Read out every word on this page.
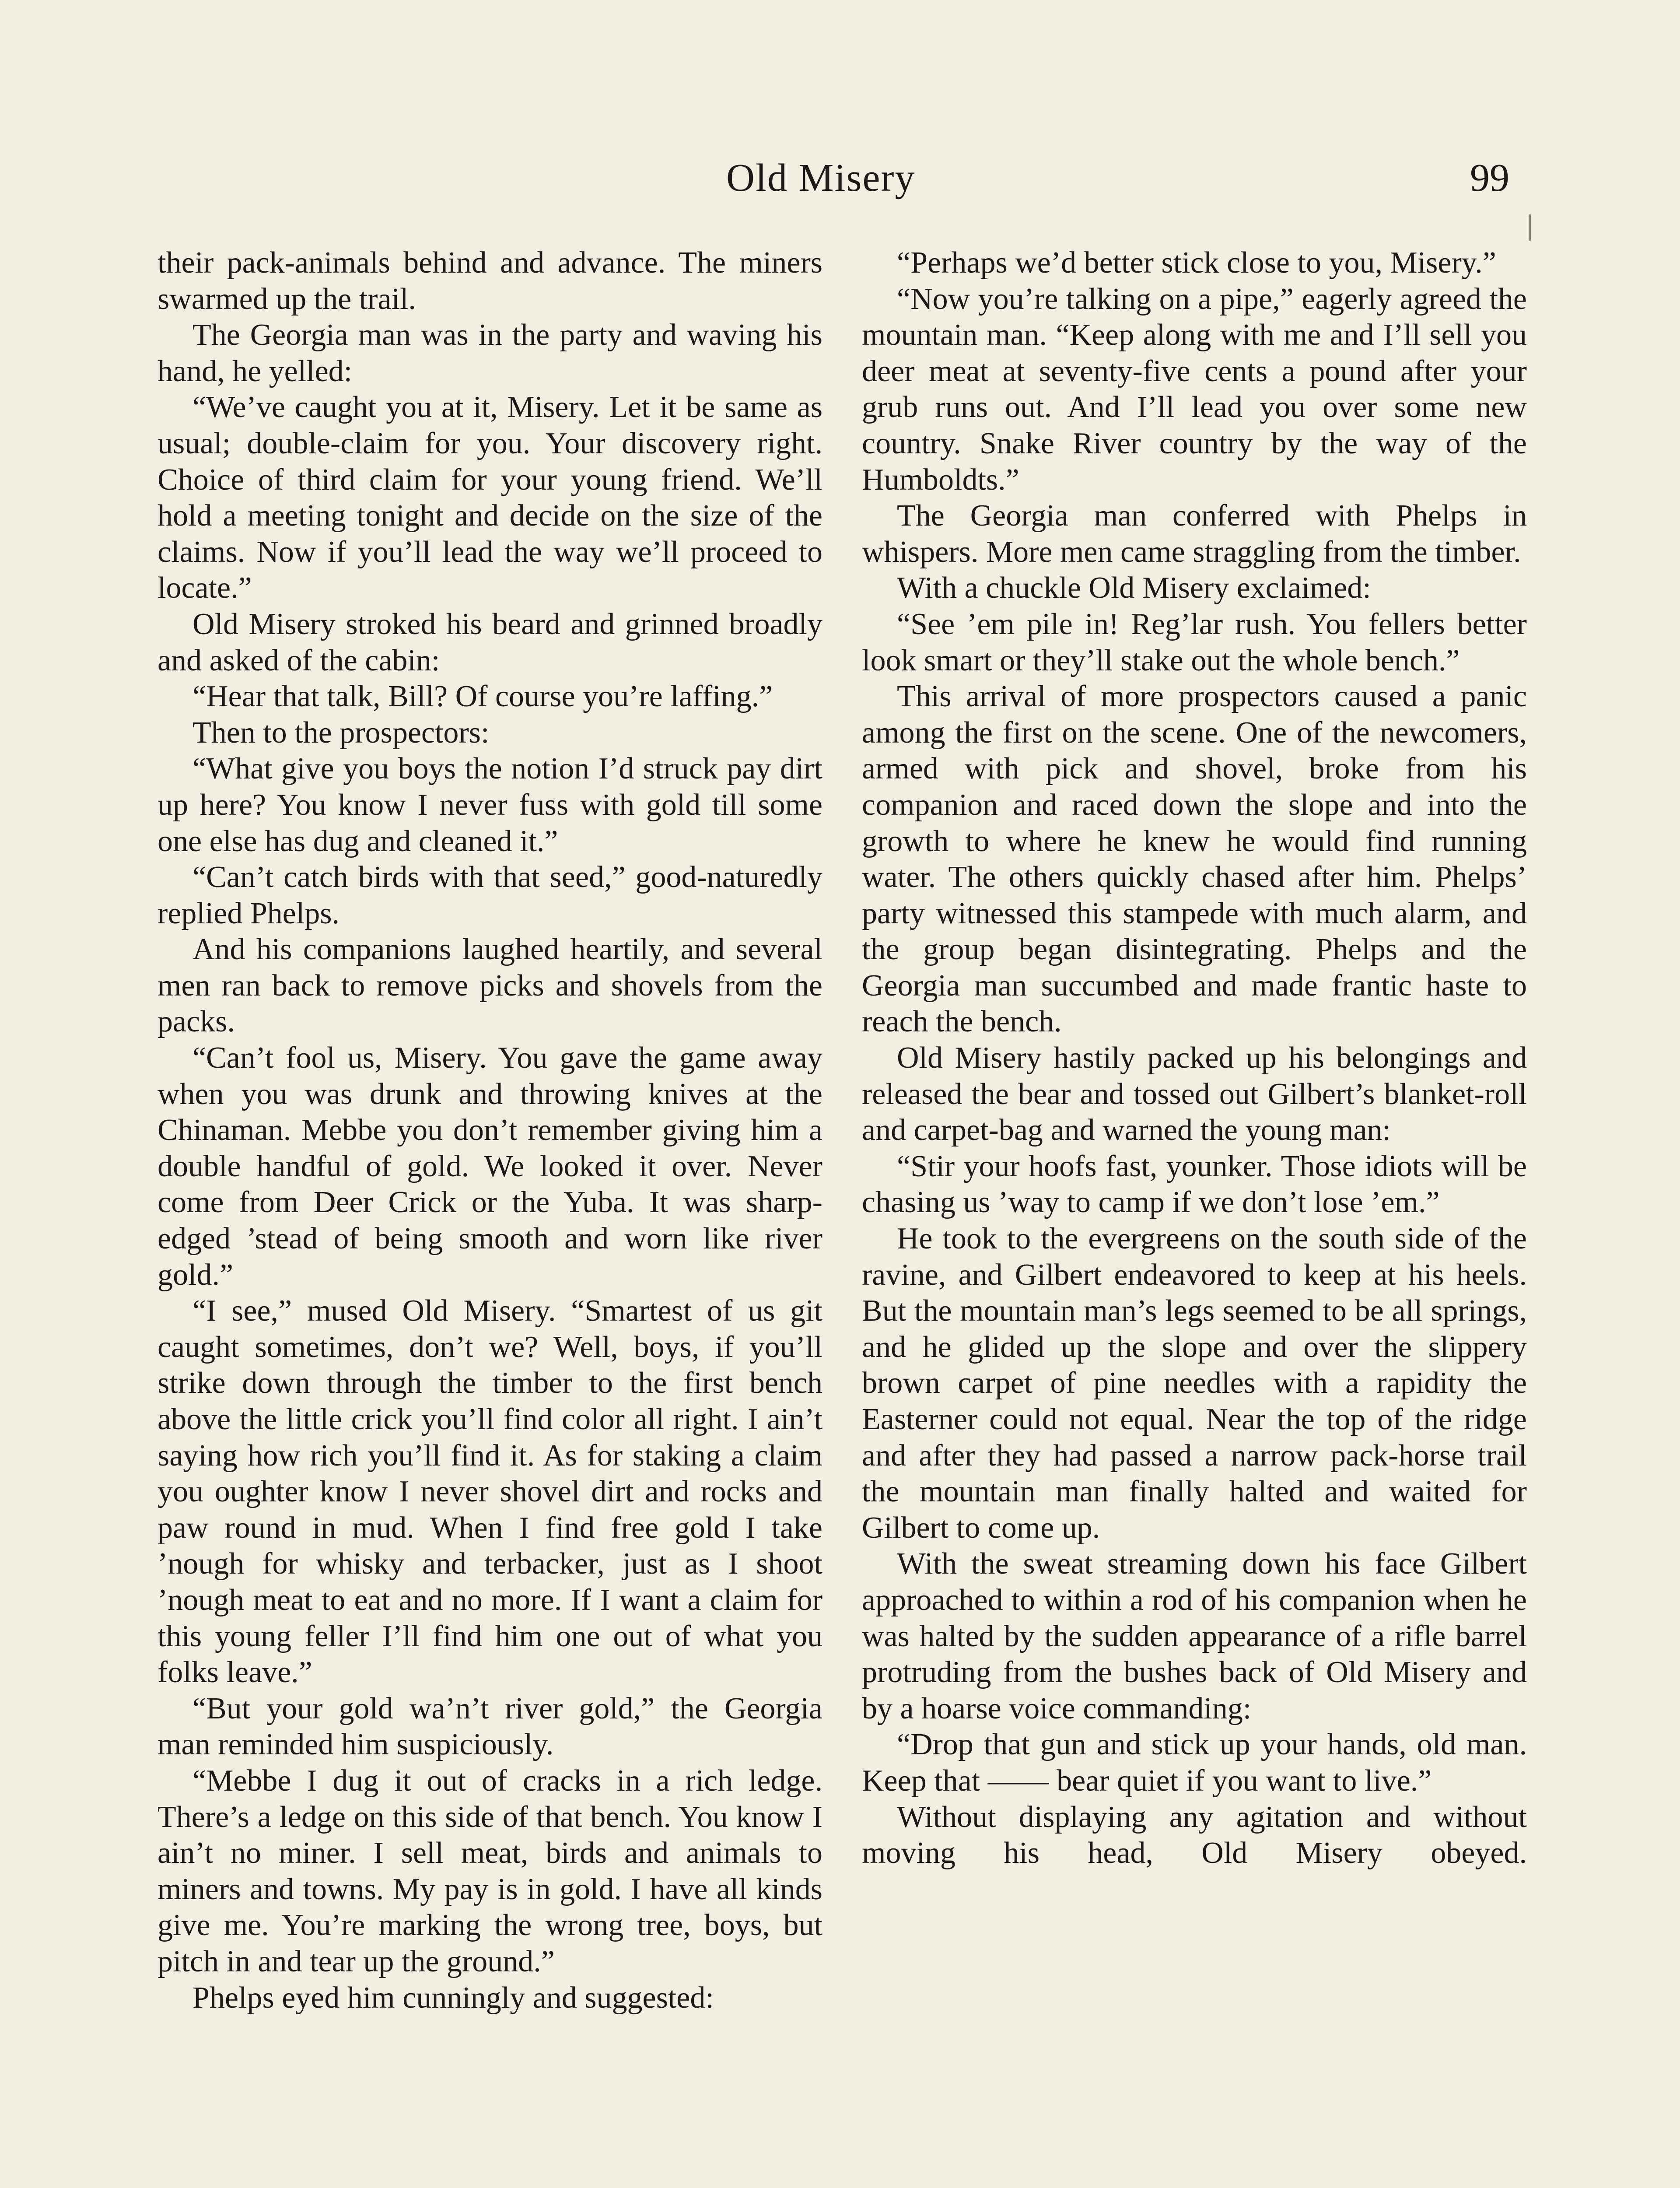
Old Misery	99

their pack-animals behind and advance. The miners swarmed up the trail.

The Georgia man was in the party and waving his hand, he yelled:

“We’ve caught you at it, Misery. Let it be same as usual; double-claim for you. Your discovery right. Choice of third claim for your young friend. We’ll hold a meeting tonight and decide on the size of the claims. Now if you’ll lead the way we’ll proceed to locate.”

Old Misery stroked his beard and grinned broadly and asked of the cabin:

“Hear that talk, Bill? Of course you’re laffing.”

Then to the prospectors:

“What give you boys the notion I’d struck pay dirt up here? You know I never fuss with gold till some one else has dug and cleaned it.”

“Can’t catch birds with that seed,” good-naturedly replied Phelps.

And his companions laughed heartily, and several men ran back to remove picks and shovels from the packs.

“Can’t fool us, Misery. You gave the game away when you was drunk and throwing knives at the Chinaman. Mebbe you don’t remember giving him a double handful of gold. We looked it over. Never come from Deer Crick or the Yuba. It was sharp-edged ’stead of being smooth and worn like river gold.”

“I see,” mused Old Misery. “Smartest of us git caught sometimes, don’t we? Well, boys, if you’ll strike down through the timber to the first bench above the little crick you’ll find color all right. I ain’t saying how rich you’ll find it. As for staking a claim you oughter know I never shovel dirt and rocks and paw round in mud. When I find free gold I take ’nough for whisky and terbacker, just as I shoot ’nough meat to eat and no more. If I want a claim for this young feller I’ll find him one out of what you folks leave.”

“But your gold wa’n’t river gold,” the Georgia man reminded him suspiciously.

“Mebbe I dug it out of cracks in a rich ledge. There’s a ledge on this side of that bench. You know I ain’t no miner. I sell meat, birds and animals to miners and towns. My pay is in gold. I have all kinds give me. You’re marking the wrong tree, boys, but pitch in and tear up the ground.”

Phelps eyed him cunningly and suggested:

“Perhaps we’d better stick close to you, Misery.”

“Now you’re talking on a pipe,” eagerly agreed the mountain man. “Keep along with me and I’ll sell you deer meat at seventy-five cents a pound after your grub runs out. And I’ll lead you over some new country. Snake River country by the way of the Humboldts.”

The Georgia man conferred with Phelps in whispers. More men came straggling from the timber.

With a chuckle Old Misery exclaimed:

“See ’em pile in! Reg’lar rush. You fellers better look smart or they’ll stake out the whole bench.”

This arrival of more prospectors caused a panic among the first on the scene. One of the newcomers, armed with pick and shovel, broke from his companion and raced down the slope and into the growth to where he knew he would find running water. The others quickly chased after him. Phelps’ party witnessed this stampede with much alarm, and the group began disintegrating. Phelps and the Georgia man succumbed and made frantic haste to reach the bench.

Old Misery hastily packed up his belongings and released the bear and tossed out Gilbert’s blanket-roll and carpet-bag and warned the young man:

“Stir your hoofs fast, younker. Those idiots will be chasing us ’way to camp if we don’t lose ’em.”

He took to the evergreens on the south side of the ravine, and Gilbert endeavored to keep at his heels. But the mountain man’s legs seemed to be all springs, and he glided up the slope and over the slippery brown carpet of pine needles with a rapidity the Easterner could not equal. Near the top of the ridge and after they had passed a narrow pack-horse trail the mountain man finally halted and waited for Gilbert to come up.

With the sweat streaming down his face Gilbert approached to within a rod of his companion when he was halted by the sudden appearance of a rifle barrel protruding from the bushes back of Old Misery and by a hoarse voice commanding:

“Drop that gun and stick up your hands, old man. Keep that —— bear quiet if you want to live.”

Without displaying any agitation and without moving his head, Old Misery obeyed.
